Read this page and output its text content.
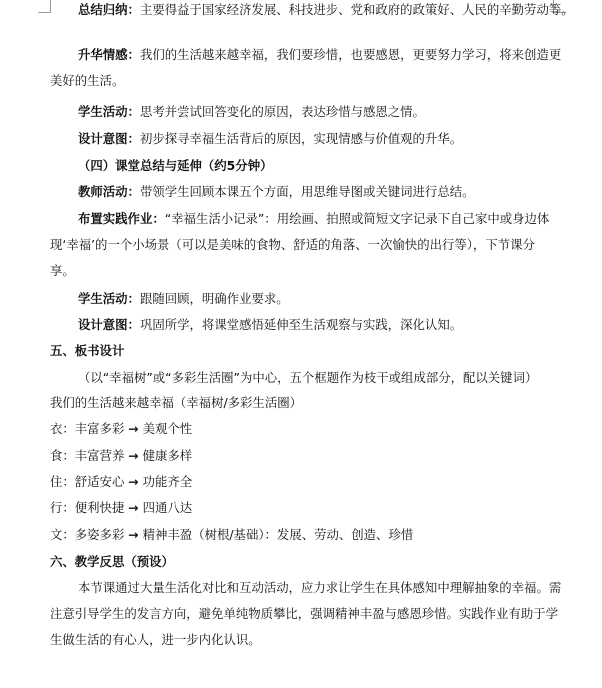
总结归纳：主要得益于国家经济发展、科技进步、党和政府的政策好、人民的辛勤劳动等。
升华情感：我们的生活越来越幸福，我们要珍惜，也要感恩，更要努力学习，将来创造更
美好的生活。
学生活动：思考并尝试回答变化的原因，表达珍惜与感恩之情。
设计意图：初步探寻幸福生活背后的原因，实现情感与价值观的升华。
（四）课堂总结与延伸（约5分钟）
教师活动：带领学生回顾本课五个方面，用思维导图或关键词进行总结。
布置实践作业：“幸福生活小记录”：用绘画、拍照或简短文字记录下自己家中或身边体
现‘幸福’的一个小场景（可以是美味的食物、舒适的角落、一次愉快的出行等），下节课分
享。
学生活动：跟随回顾，明确作业要求。
设计意图：巩固所学，将课堂感悟延伸至生活观察与实践，深化认知。
五、板书设计
（以“幸福树”或“多彩生活圈”为中心，五个框题作为枝干或组成部分，配以关键词）
我们的生活越来越幸福（幸福树/多彩生活圈）
衣：丰富多彩 → 美观个性
食：丰富营养 → 健康多样
住：舒适安心 → 功能齐全
行：便利快捷 → 四通八达
文：多姿多彩 → 精神丰盈（树根/基础）：发展、劳动、创造、珍惜
六、教学反思（预设）
本节课通过大量生活化对比和互动活动，应力求让学生在具体感知中理解抽象的幸福。需
注意引导学生的发言方向，避免单纯物质攀比，强调精神丰盈与感恩珍惜。实践作业有助于学
生做生活的有心人，进一步内化认识。
